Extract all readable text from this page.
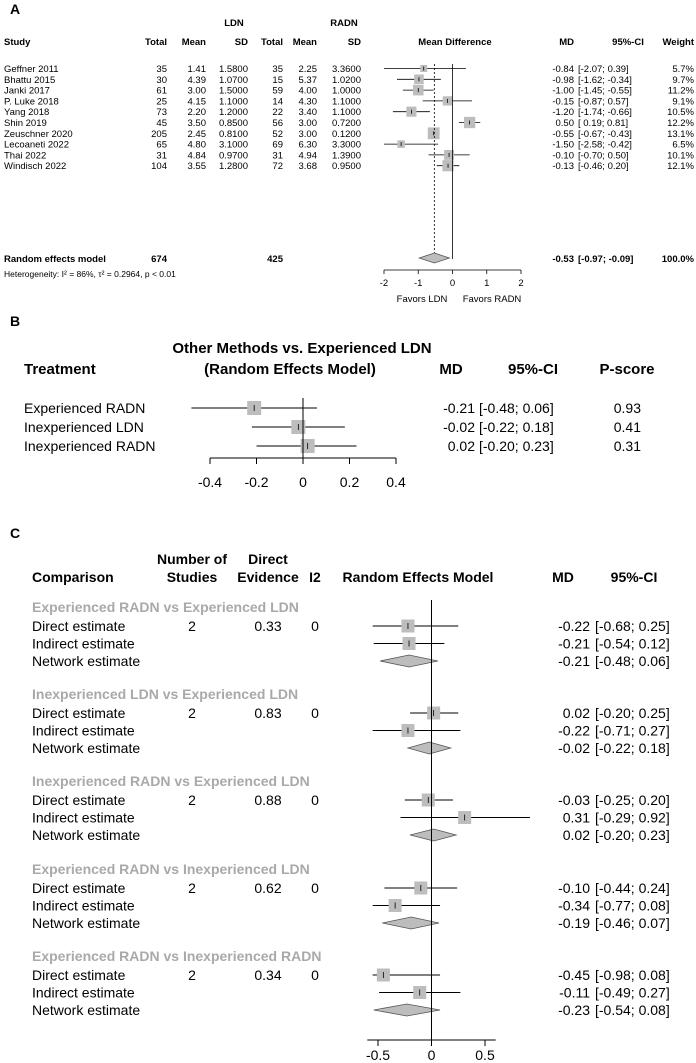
A
LDN	RADN
Study	Total Mean	SD Total Mean	SD	Mean Difference	MD	95%-CI Weight
Geffner 2011	35 1.41 1.5800	35 2.25 3.3600	-0.84 [-2.07; 0.39]	5.7%
Bhattu 2015	30 4.39 1.0700	15 5.37 1.0200	-0.98 [-1.62; -0.34]	9.7%
Janki 2017	61 3.00 1.5000	59 4.00 1.0000	-1.00 [-1.45; -0.55]	11.2%
P. Luke 2018	25 4.15 1.1000	14 4.30 1.1000	-0.15 [-0.87; 0.57]	9.1%
Yang 2018	73 2.20 1.2000	22 3.40 1.1000	-1.20 [-1.74; -0.66]	10.5%
Shin 2019	45 3.50 0.8500	56 3.00 0.7200	0.50 [ 0.19; 0.81]	12.2%
Zeuschner 2020	205 2.45 0.8100	52 3.00 0.1200	-0.55 [-0.67; -0.43]	13.1%
Lecoaneti 2022	65 4.80 3.1000	69 6.30 3.3000	-1.50 [-2.58; -0.42]	6.5%
Thai 2022	31 4.84 0.9700	31 4.94 1.3900	-0.10 [-0.70; 0.50]	10.1%
Windisch 2022	104 3.55 1.2800	72 3.68 0.9500	-0.13 [-0.46; 0.20]	12.1%
-2	-1	0	1	2
Random effects model	674	425	-0.53 [-0.97; -0.09]	100.0%
Heterogeneity: I² = 86%, τ² = 0.2964, p < 0.01
Favors LDN Favors RADN
B
Other Methods vs. Experienced LDN
(Random Effects Model)
Treatment	MD	95%-CI	P-score
Experienced RADN	-0.21 [-0.48; 0.06]	0.93
Inexperienced LDN	-0.02 [-0.22; 0.18]	0.41
Inexperienced RADN	0.02 [-0.20; 0.23]	0.31
-0.4 -0.2 0 0.2 0.4
C
Number of
Studies
Direct
Evidence
Comparison	I2 Random Effects Model	MD	95%-CI
Experienced RADN vs Experienced LDN
Direct estimate	2	0.33 0	-0.22 [-0.68; 0.25]
Indirect estimate	-0.21 [-0.54; 0.12]
Network estimate	-0.21 [-0.48; 0.06]
Inexperienced LDN vs Experienced LDN
Direct estimate	2	0.83 0	0.02 [-0.20; 0.25]
Indirect estimate	-0.22 [-0.71; 0.27]
Network estimate	-0.02 [-0.22; 0.18]
Inexperienced RADN vs Experienced LDN
Direct estimate	2	0.88 0	-0.03 [-0.25; 0.20]
Indirect estimate	0.31 [-0.29; 0.92]
Network estimate	0.02 [-0.20; 0.23]
Experienced RADN vs Inexperienced LDN
Direct estimate	2	0.62 0	-0.10 [-0.44; 0.24]
Indirect estimate	-0.34 [-0.77; 0.08]
Network estimate	-0.19 [-0.46; 0.07]
Experienced RADN vs Inexperienced RADN
Direct estimate	2	0.34 0	-0.45 [-0.98; 0.08]
Indirect estimate	-0.11 [-0.49; 0.27]
Network estimate	-0.23 [-0.54; 0.08]
-0.5	0	0.5
